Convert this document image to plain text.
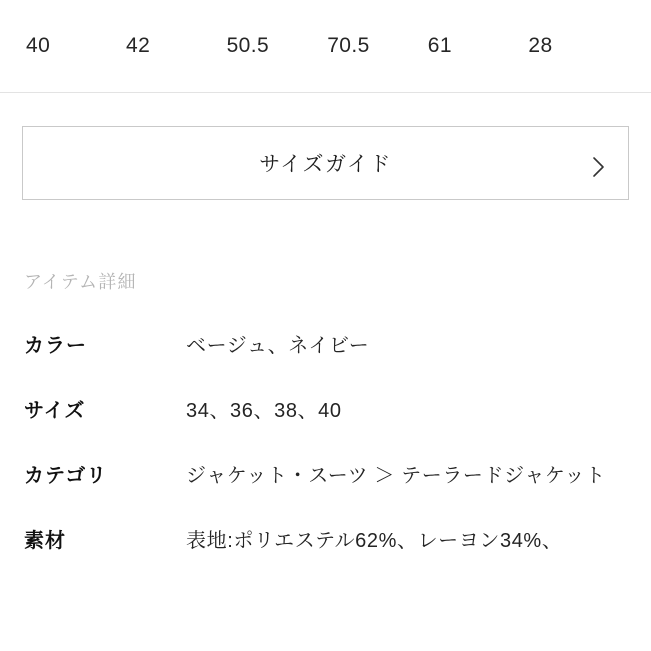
40	42	50.5	70.5	61	28
サイズガイド
アイテム詳細
カラー	ベージュ、ネイビー
サイズ	34、36、38、40
カテゴリ	ジャケット・スーツ ＞ テーラードジャケット
素材	表地:ポリエステル62%、レーヨン34%、
